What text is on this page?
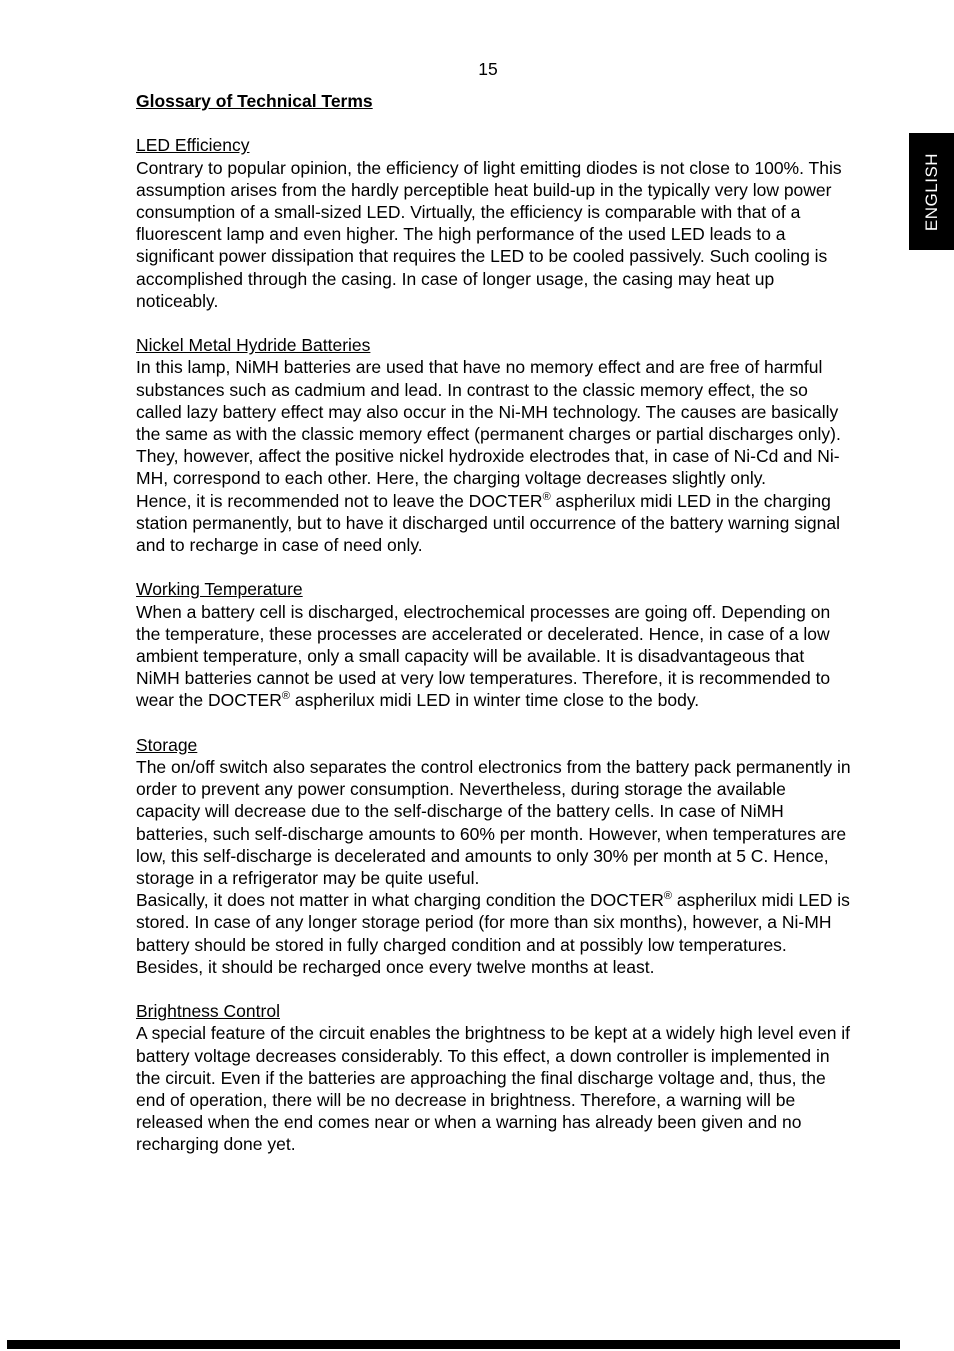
15
ENGLISH
Glossary of Technical Terms

LED Efficiency

Contrary to popular opinion, the efficiency of light emitting diodes is not close to 100%. This assumption arises from the hardly perceptible heat build-up in the typically very low power consumption of a small-sized LED. Virtually, the efficiency is comparable with that of a fluorescent lamp and even higher. The high performance of the used LED leads to a significant power dissipation that requires the LED to be cooled passively. Such cooling is accomplished through the casing. In case of longer usage, the casing may heat up noticeably.

Nickel Metal Hydride Batteries

In this lamp, NiMH batteries are used that have no memory effect and are free of harmful substances such as cadmium and lead. In contrast to the classic memory effect, the so called lazy battery effect may also occur in the Ni-MH technology. The causes are basically the same as with the classic memory effect (permanent charges or partial discharges only). They, however, affect the positive nickel hydroxide electrodes that, in case of Ni-Cd and Ni-MH, correspond to each other. Here, the charging voltage decreases slightly only.

Hence, it is recommended not to leave the DOCTER® aspherilux midi LED in the charging station permanently, but to have it discharged until occurrence of the battery warning signal and to recharge in case of need only.

Working Temperature

When a battery cell is discharged, electrochemical processes are going off. Depending on the temperature, these processes are accelerated or decelerated. Hence, in case of a low ambient temperature, only a small capacity will be available. It is disadvantageous that NiMH batteries cannot be used at very low temperatures. Therefore, it is recommended to wear the DOCTER® aspherilux midi LED in winter time close to the body.

Storage

The on/off switch also separates the control electronics from the battery pack permanently in order to prevent any power consumption. Nevertheless, during storage the available capacity will decrease due to the self-discharge of the battery cells. In case of NiMH batteries, such self-discharge amounts to 60% per month. However, when temperatures are low, this self-discharge is decelerated and amounts to only 30% per month at 5 C. Hence, storage in a refrigerator may be quite useful.

Basically, it does not matter in what charging condition the DOCTER® aspherilux midi LED is stored. In case of any longer storage period (for more than six months), however, a Ni-MH battery should be stored in fully charged condition and at possibly low temperatures. Besides, it should be recharged once every twelve months at least.

Brightness Control

A special feature of the circuit enables the brightness to be kept at a widely high level even if battery voltage decreases considerably. To this effect, a down controller is implemented in the circuit. Even if the batteries are approaching the final discharge voltage and, thus, the end of operation, there will be no decrease in brightness. Therefore, a warning will be released when the end comes near or when a warning has already been given and no recharging done yet.
